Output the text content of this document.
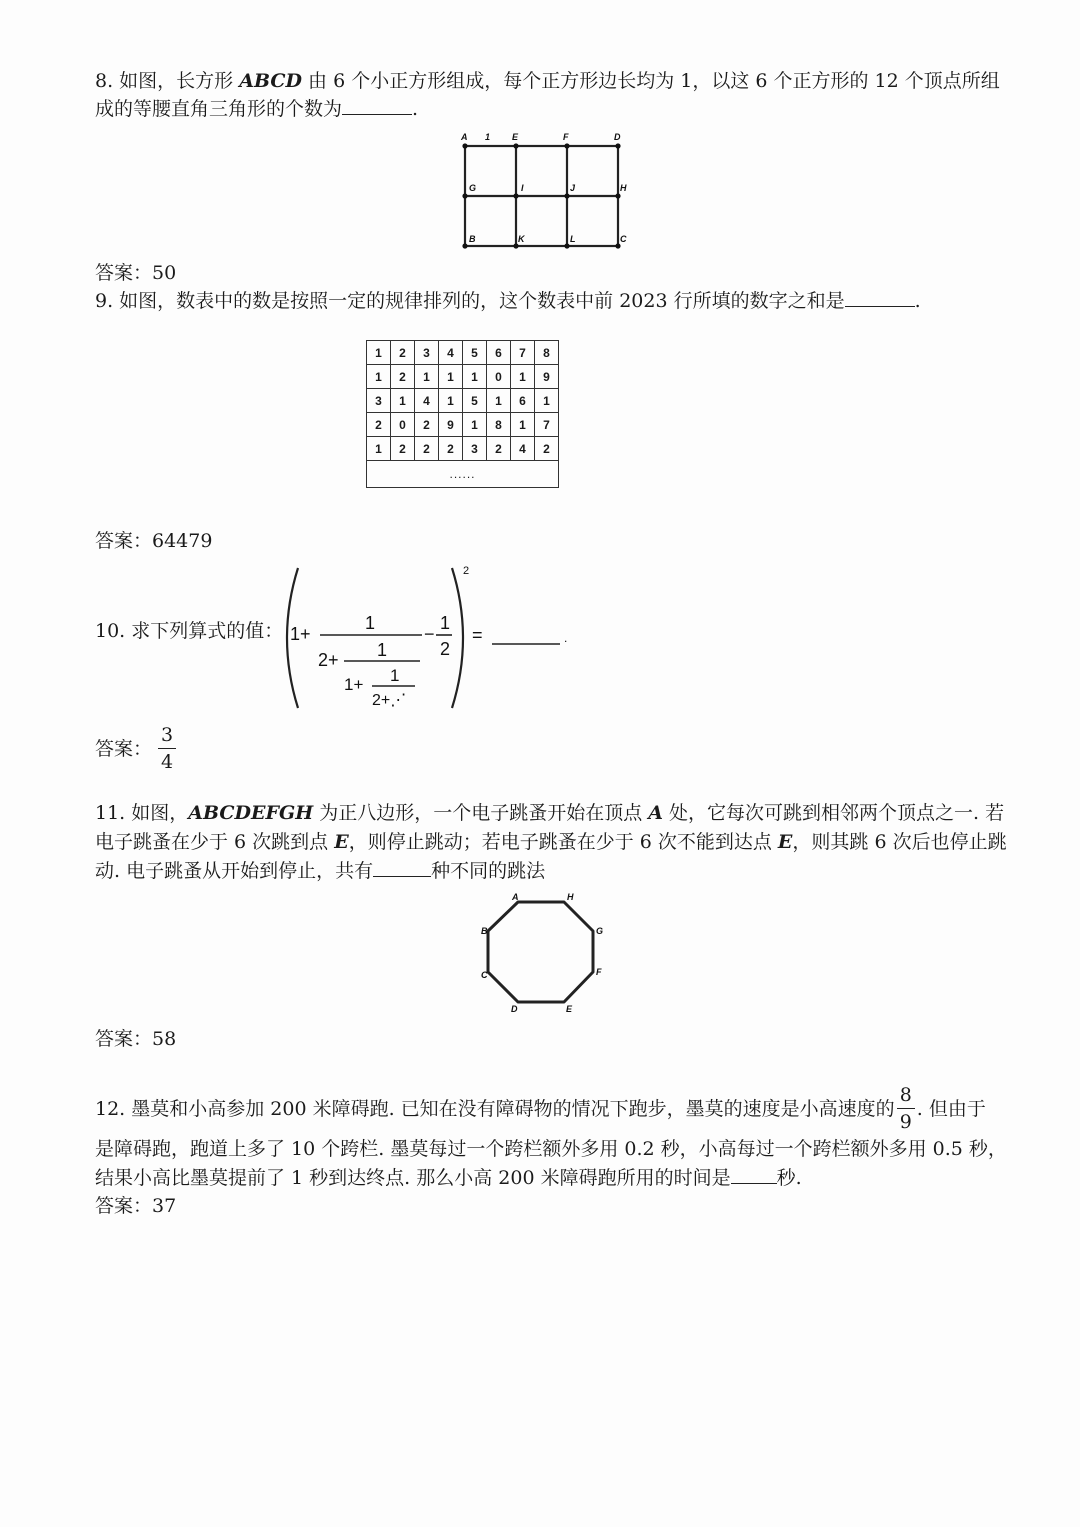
8. 如图，长方形 ABCD 由 6 个小正方形组成，每个正方形边长均为 1，以这 6 个正方形的 12 个顶点所组
成的等腰直角三角形的个数为	.
A 1 E	F	D
G	I	J	H
B	K	L	C
答案：50
9. 如图，数表中的数是按照一定的规律排列的，这个数表中前 2023 行所填的数字之和是	.
1	2	3	4	5	6	7	8
1	2	1	1	1	0	1	9
3	1	4	1	5	1	6	1
2	0	2	9	1	8	1	7
1	2	2	2	3	2	4	2
......							
答案：64479
10. 求下列算式的值： 1+
1
2+ 1
1+ 1
2+⋰
−
1
2
2
=	.
答案： $\frac{3}{4}$
11. 如图，ABCDEFGH 为正八边形，一个电子跳蚤开始在顶点 A 处，它每次可跳到相邻两个顶点之一. 若
电子跳蚤在少于 6 次跳到点 E，则停止跳动；若电子跳蚤在少于 6 次不能到达点 E，则其跳 6 次后也停止跳
动. 电子跳蚤从开始到停止，共有	种不同的跳法
A	H
B	G
C	F
D	E
答案：58
12. 墨莫和小高参加 200 米障碍跑. 已知在没有障碍物的情况下跑步，墨莫的速度是小高速度的 $\frac{8}{9}$ . 但由于
是障碍跑，跑道上多了 10 个跨栏. 墨莫每过一个跨栏额外多用 0.2 秒，小高每过一个跨栏额外多用 0.5 秒，
结果小高比墨莫提前了 1 秒到达终点. 那么小高 200 米障碍跑所用的时间是 秒.
答案：37
